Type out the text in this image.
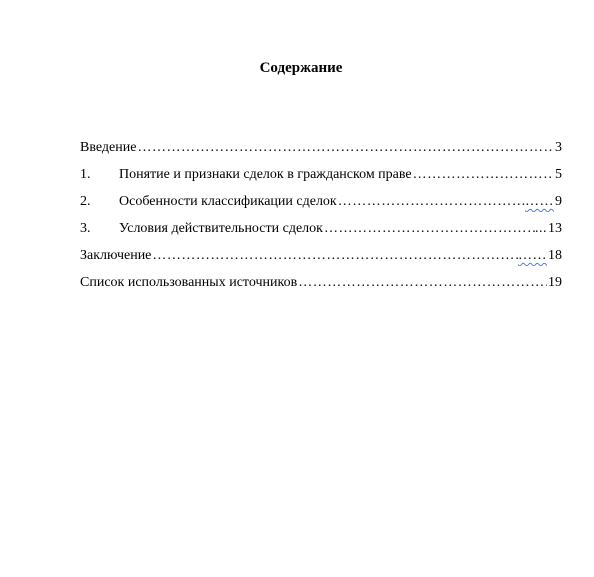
Содержание
Введение ……………………………………………………………………………………………………………………………………………………	3
1.	Понятие и признаки сделок в гражданском праве ……………………………………………………………………………………………………………………………………………………	5
2.	Особенности классификации сделок ……………………………………………………………………………………………………………………………………………………	…… 9
3.	Условия действительности сделок ……………………………………………………………………………………………………………………………………………………	... 13
Заключение ……………………………………………………………………………………………………………………………………………………	…… 18
Список использованных источников ……………………………………………………………………………………………………………………………………………………	19
